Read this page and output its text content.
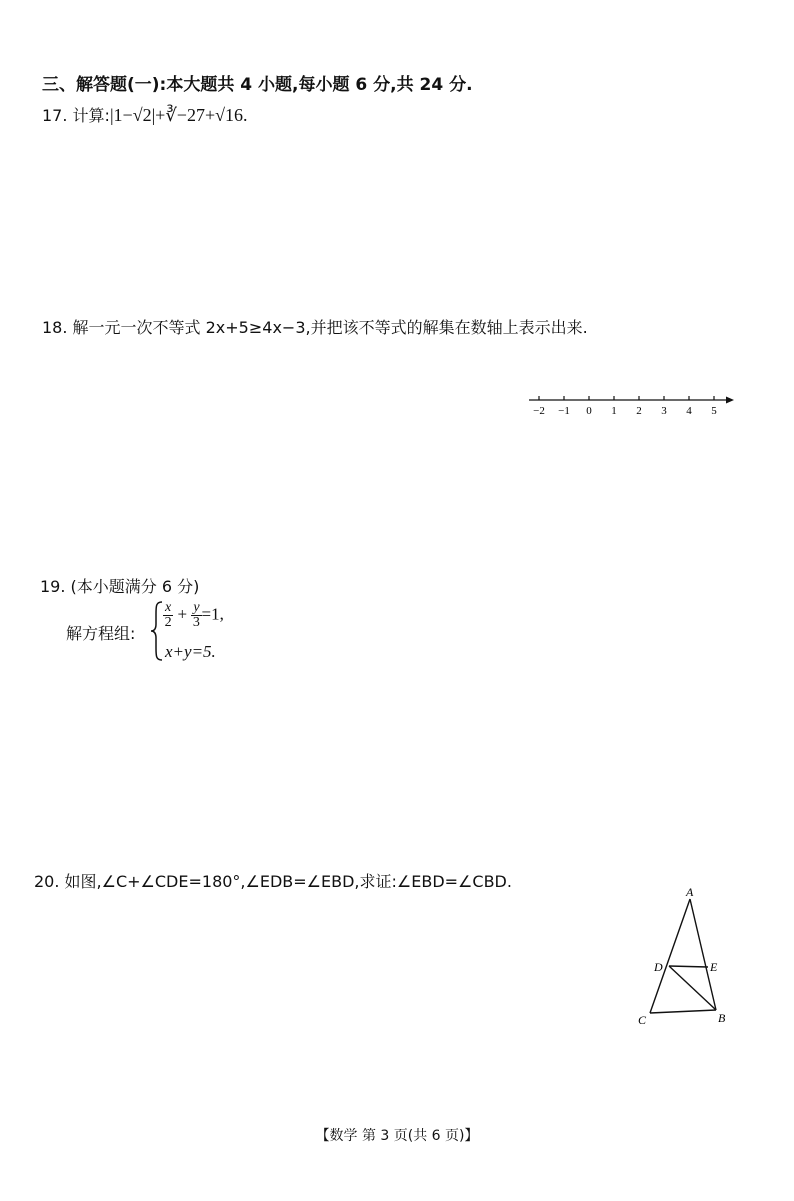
三、解答题(一):本大题共 4 小题,每小题 6 分,共 24 分.
17. 计算:|1−√2|+∛−27+√16.
18. 解一元一次不等式 2x+5≥4x−3,并把该不等式的解集在数轴上表示出来.
−2 −1 0 1 2 3 4 5
19. (本小题满分 6 分)
解方程组:
$\frac{x}{2} + \frac{y}{3} =1$,
x+y=5.
20. 如图,∠C+∠CDE=180°,∠EDB=∠EBD,求证:∠EBD=∠CBD.
A
D	E
C	B
【数学 第 3 页(共 6 页)】
